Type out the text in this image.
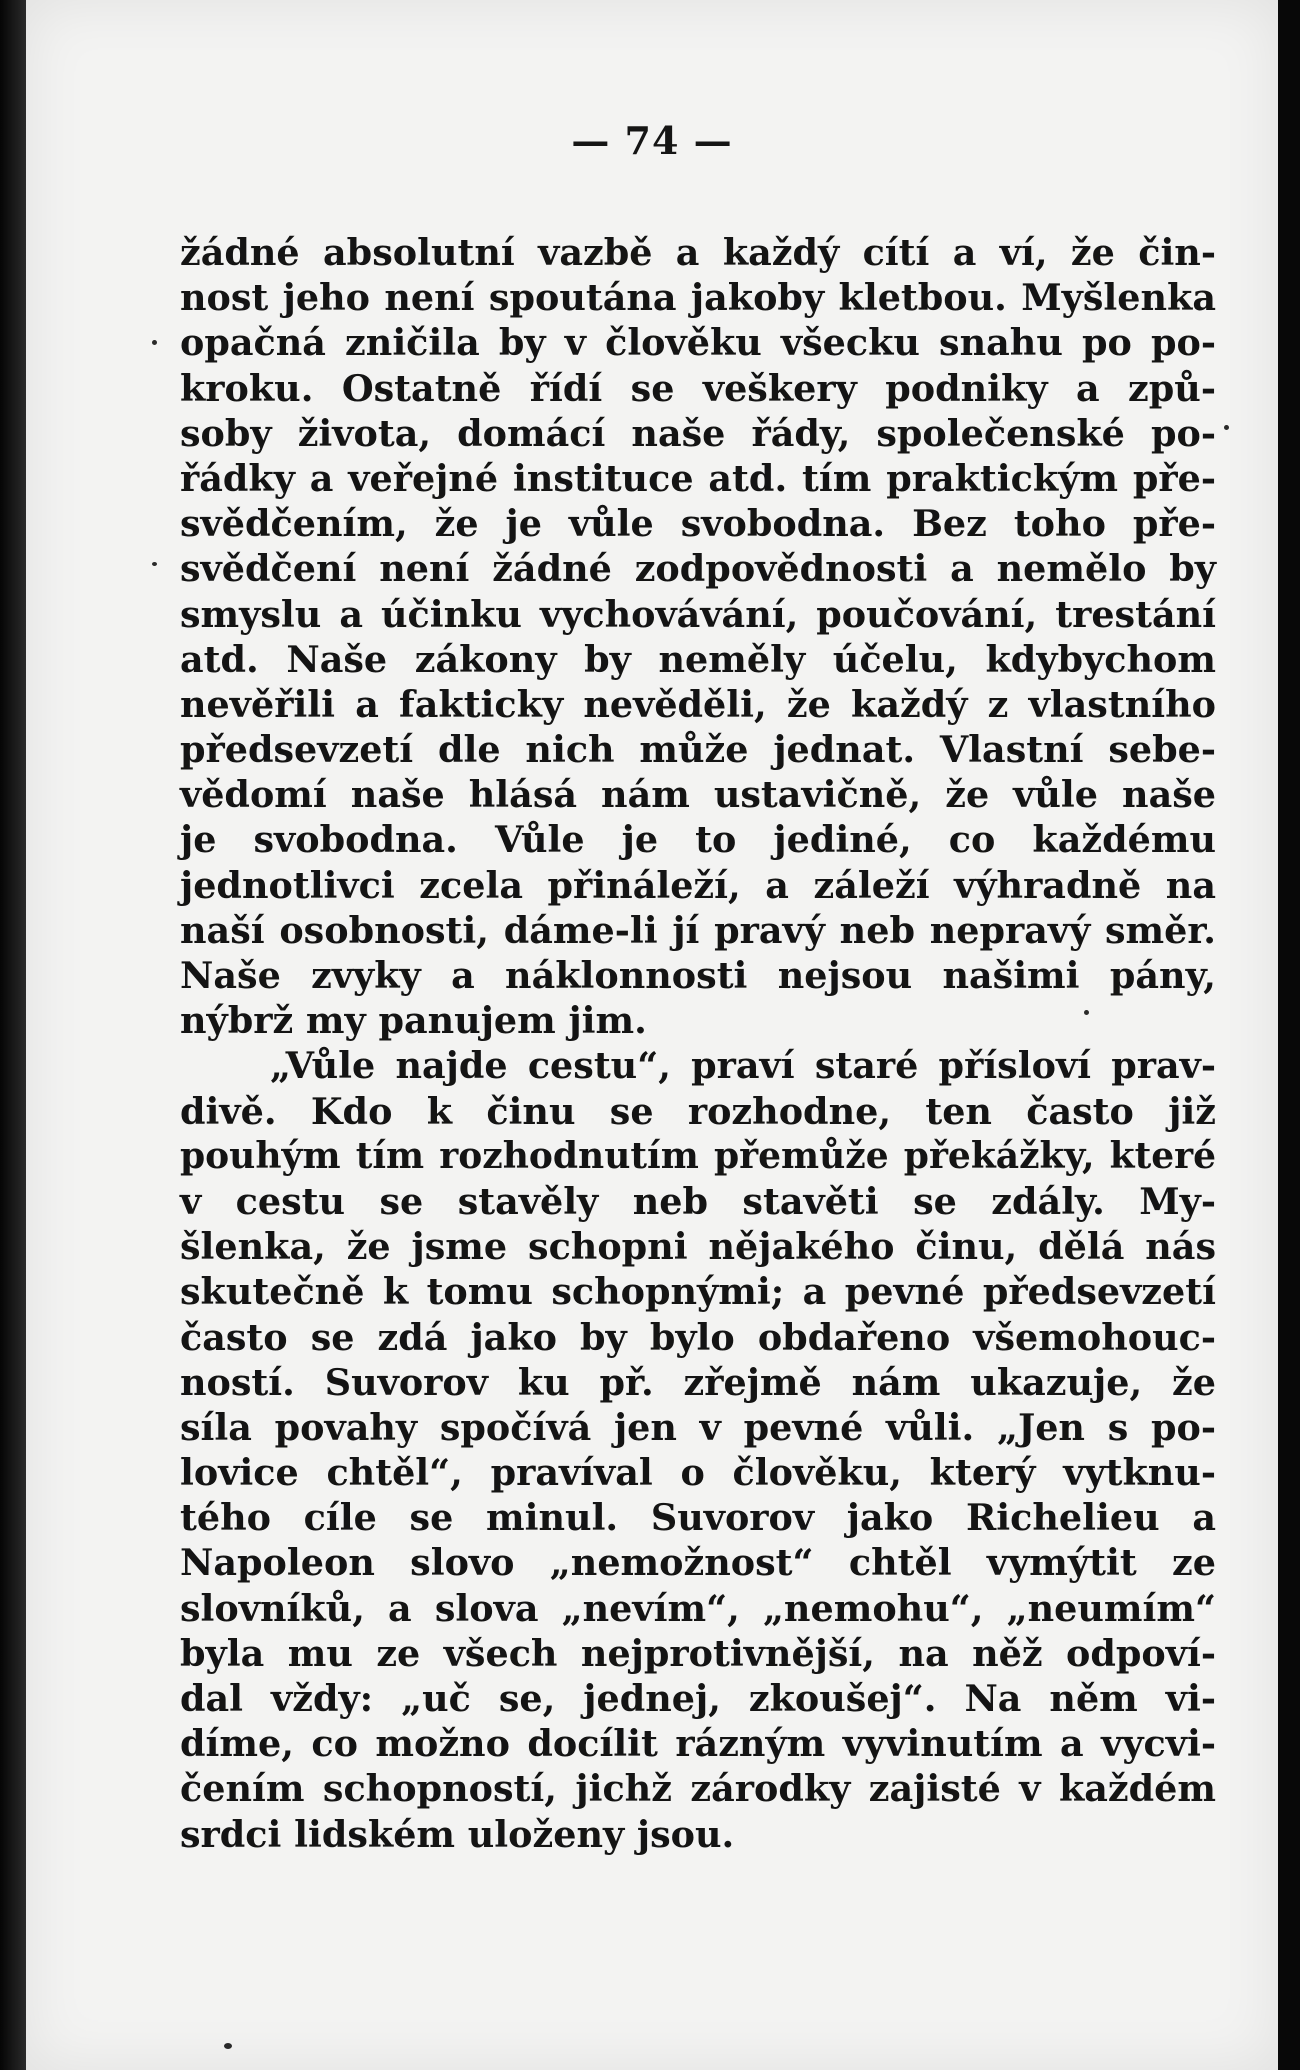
— 74 —
žádné absolutní vazbě a každý cítí a ví, že čin-
nost jeho není spoutána jakoby kletbou. Myšlenka
opačná zničila by v člověku všecku snahu po po-
kroku. Ostatně řídí se veškery podniky a způ-
soby života, domácí naše řády, společenské po-
řádky a veřejné instituce atd. tím praktickým pře-
svědčením, že je vůle svobodna. Bez toho pře-
svědčení není žádné zodpovědnosti a nemělo by
smyslu a účinku vychovávání, poučování, trestání
atd. Naše zákony by neměly účelu, kdybychom
nevěřili a fakticky nevěděli, že každý z vlastního
předsevzetí dle nich může jednat. Vlastní sebe-
vědomí naše hlásá nám ustavičně, že vůle naše
je svobodna. Vůle je to jediné, co každému
jednotlivci zcela přináleží, a záleží výhradně na
naší osobnosti, dáme-li jí pravý neb nepravý směr.
Naše zvyky a náklonnosti nejsou našimi pány,
nýbrž my panujem jim.
„Vůle najde cestu“, praví staré přísloví prav-
divě. Kdo k činu se rozhodne, ten často již
pouhým tím rozhodnutím přemůže překážky, které
v cestu se stavěly neb stavěti se zdály. My-
šlenka, že jsme schopni nějakého činu, dělá nás
skutečně k tomu schopnými; a pevné předsevzetí
často se zdá jako by bylo obdařeno všemohouc-
ností. Suvorov ku př. zřejmě nám ukazuje, že
síla povahy spočívá jen v pevné vůli. „Jen s po-
lovice chtěl“, pravíval o člověku, který vytknu-
tého cíle se minul. Suvorov jako Richelieu a
Napoleon slovo „nemožnost“ chtěl vymýtit ze
slovníků, a slova „nevím“, „nemohu“, „neumím“
byla mu ze všech nejprotivnější, na něž odpoví-
dal vždy: „uč se, jednej, zkoušej“. Na něm vi-
díme, co možno docílit rázným vyvinutím a vycvi-
čením schopností, jichž zárodky zajisté v každém
srdci lidském uloženy jsou.
